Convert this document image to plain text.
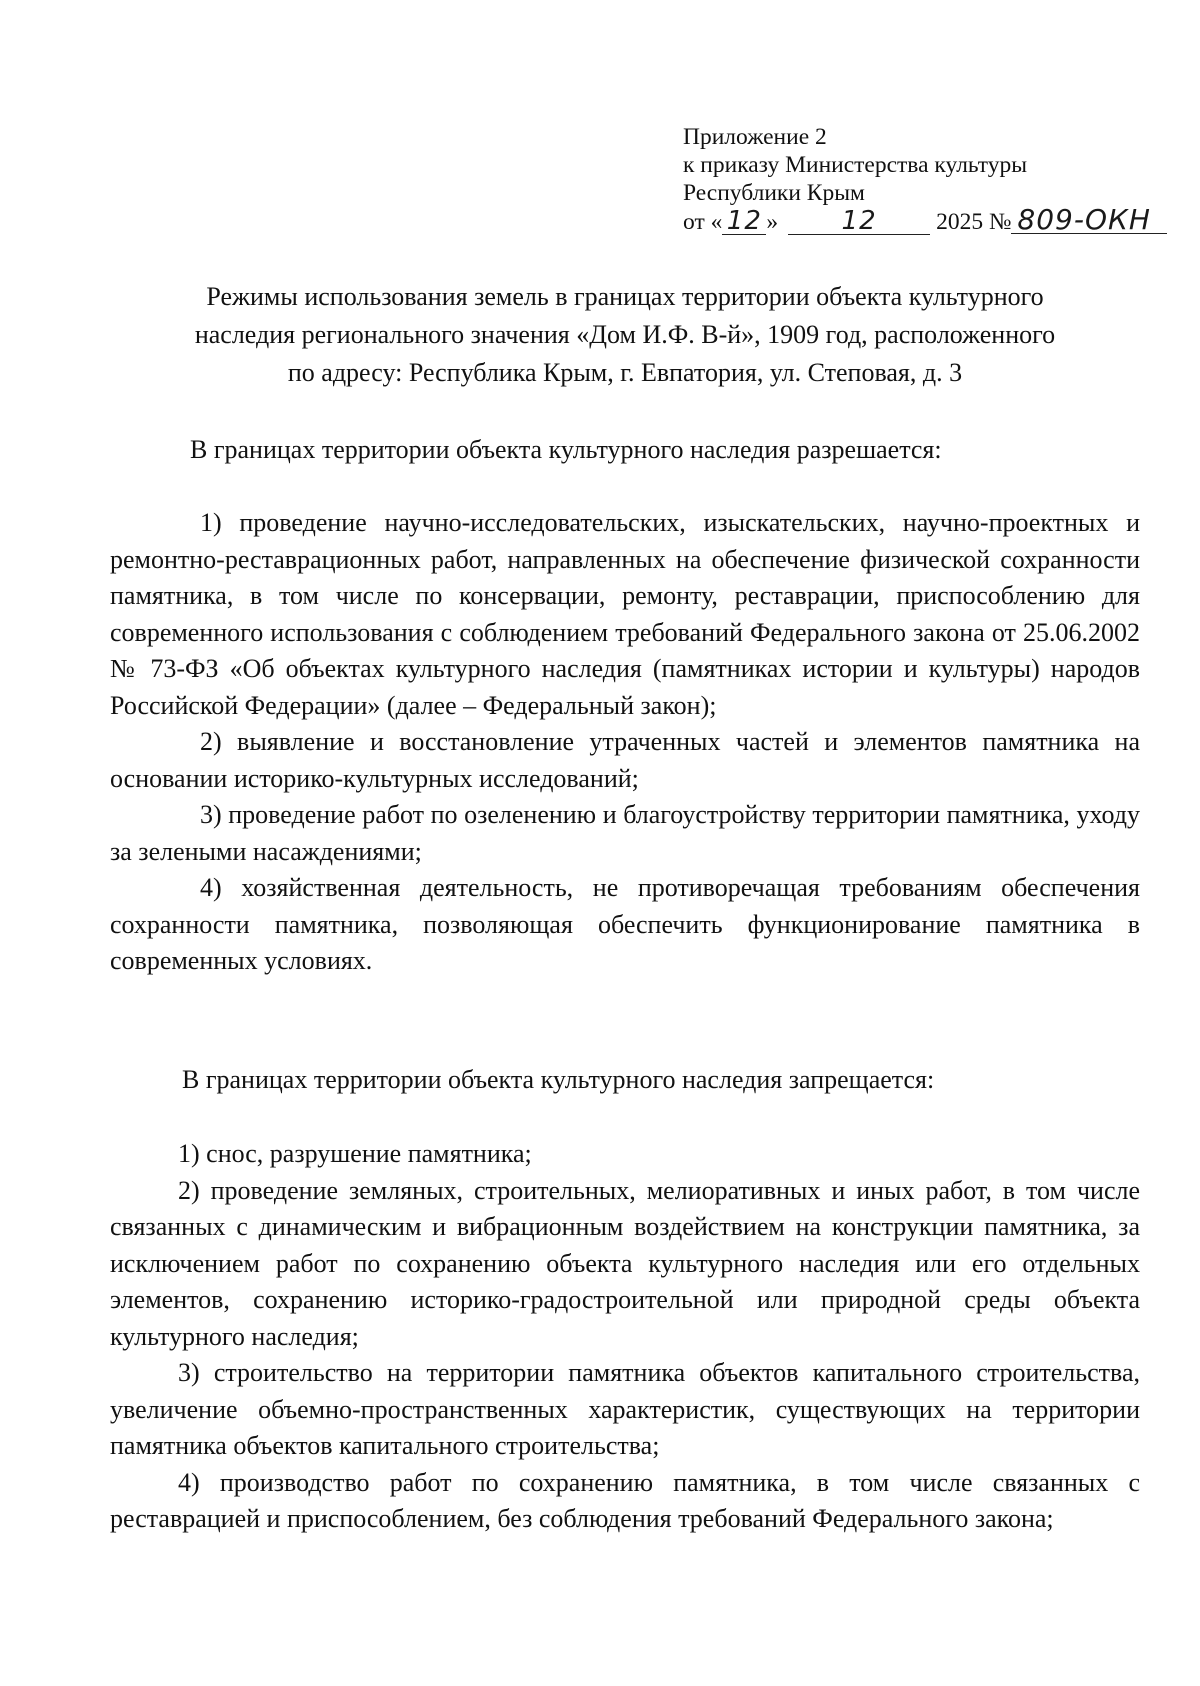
Приложение 2
к приказу Министерства культуры
Республики Крым
от « 12 » 12	2025 № 809-ОКН
Режимы использования земель в границах территории объекта культурного
наследия регионального значения «Дом И.Ф. В-й», 1909 год, расположенного
по адресу: Республика Крым, г. Евпатория, ул. Степовая, д. 3
В границах территории объекта культурного наследия разрешается:

1) проведение научно-исследовательских, изыскательских, научно-проектных и ремонтно-реставрационных работ, направленных на обеспечение физической сохранности памятника, в том числе по консервации, ремонту, реставрации, приспособлению для современного использования с соблюдением требований Федерального закона от 25.06.2002 № 73-ФЗ «Об объектах культурного наследия (памятниках истории и культуры) народов Российской Федерации» (далее – Федеральный закон);

2) выявление и восстановление утраченных частей и элементов памятника на основании историко-культурных исследований;

3) проведение работ по озеленению и благоустройству территории памятника, уходу за зелеными насаждениями;

4) хозяйственная деятельность, не противоречащая требованиям обеспечения сохранности памятника, позволяющая обеспечить функционирование памятника в современных условиях.

В границах территории объекта культурного наследия запрещается:

1) снос, разрушение памятника;

2) проведение земляных, строительных, мелиоративных и иных работ, в том числе связанных с динамическим и вибрационным воздействием на конструкции памятника, за исключением работ по сохранению объекта культурного наследия или его отдельных элементов, сохранению историко-градостроительной или природной среды объекта культурного наследия;

3) строительство на территории памятника объектов капитального строительства, увеличение объемно-пространственных характеристик, существующих на территории памятника объектов капитального строительства;

4) производство работ по сохранению памятника, в том числе связанных с реставрацией и приспособлением, без соблюдения требований Федерального закона;
